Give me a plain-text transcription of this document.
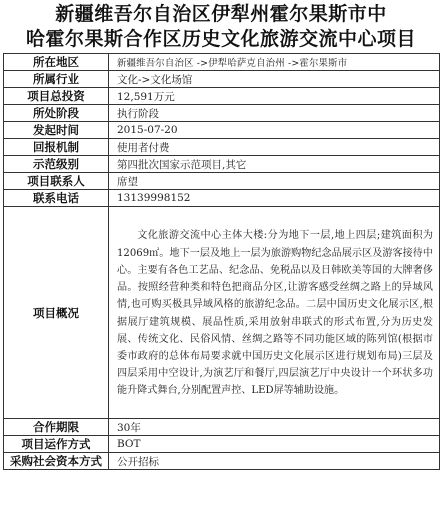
新疆维吾尔自治区伊犁州霍尔果斯市中
哈霍尔果斯合作区历史文化旅游交流中心项目
所在地区	新疆维吾尔自治区 ->伊犁哈萨克自治州 ->霍尔果斯市
所属行业	文化->文化场馆
项目总投资	12,591万元
所处阶段	执行阶段
发起时间	2015-07-20
回报机制	使用者付费
示范级别	第四批次国家示范项目,其它
项目联系人	席望
联系电话	13139998152
项目概况	文化旅游交流中心主体大楼:分为地下一层,地上四层;建筑面积为12069㎡。地下一层及地上一层为旅游购物纪念品展示区及游客接待中心。主要有各色工艺品、纪念品、免税品以及日韩欧美等国的大牌奢侈品。按照经营种类和特色把商品分区,让游客感受丝绸之路上的异域风情,也可购买极具异域风格的旅游纪念品。二层中国历史文化展示区,根据展厅建筑规模、展品性质,采用放射串联式的形式布置,分为历史发展、传统文化、民俗风情、丝绸之路等不同功能区域的陈列馆(根据市委市政府的总体布局要求就中国历史文化展示区进行规划布局)三层及四层采用中空设计,为演艺厅和餐厅,四层演艺厅中央设计一个环状多功能升降式舞台,分别配置声控、LED屏等辅助设施。

合作期限	30年
项目运作方式	BOT
采购社会资本方式	公开招标
